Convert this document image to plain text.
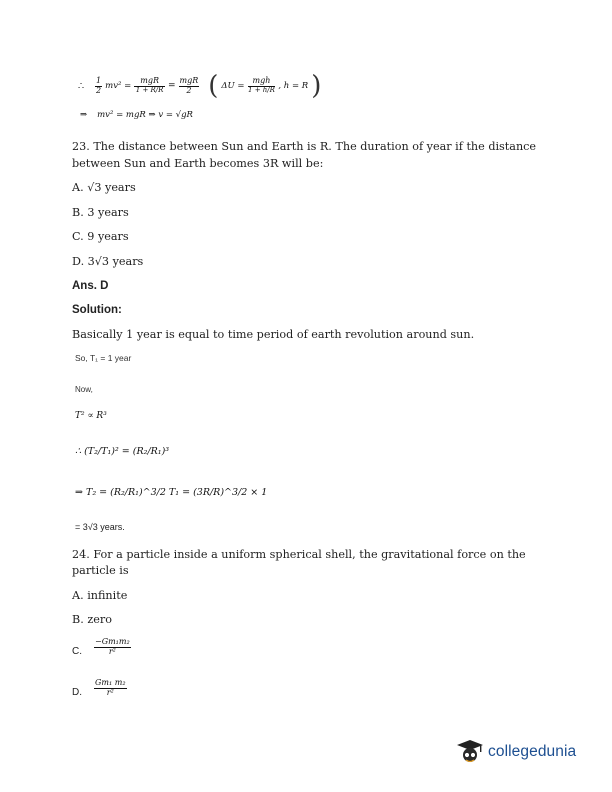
∴ $\frac{1}{2} mv^2 = \frac{\text{mgR}}{1 + R/R} = \frac{\text{mgR}}{2}$ ( $\Delta U = \frac{\text{mgh}}{1 + h/R}$ , h = R )
⇒ mv² = mgR ⇒ v = √gR
23. The distance between Sun and Earth is R. The duration of year if the distance
between Sun and Earth becomes 3R will be:
A. √3 years
B. 3 years
C. 9 years
D. 3√3 years
Ans. D
Solution:
Basically 1 year is equal to time period of earth revolution around sun.
So, T₁ = 1 year
Now,
T² ∝ R³
∴ (T₂/T₁)² = (R₂/R₁)³
⇒ T₂ = (R₂/R₁)^3/2 T₁ = (3R/R)^3/2 × 1
= 3√3 years.
24. For a particle inside a uniform spherical shell, the gravitational force on the
particle is
A. infinite
B. zero
C. $\frac{\text{−Gm₁m₂}}{\text{r²}}$
D. $\frac{\text{Gm₁ m₂}}{\text{r²}}$
collegedunia
